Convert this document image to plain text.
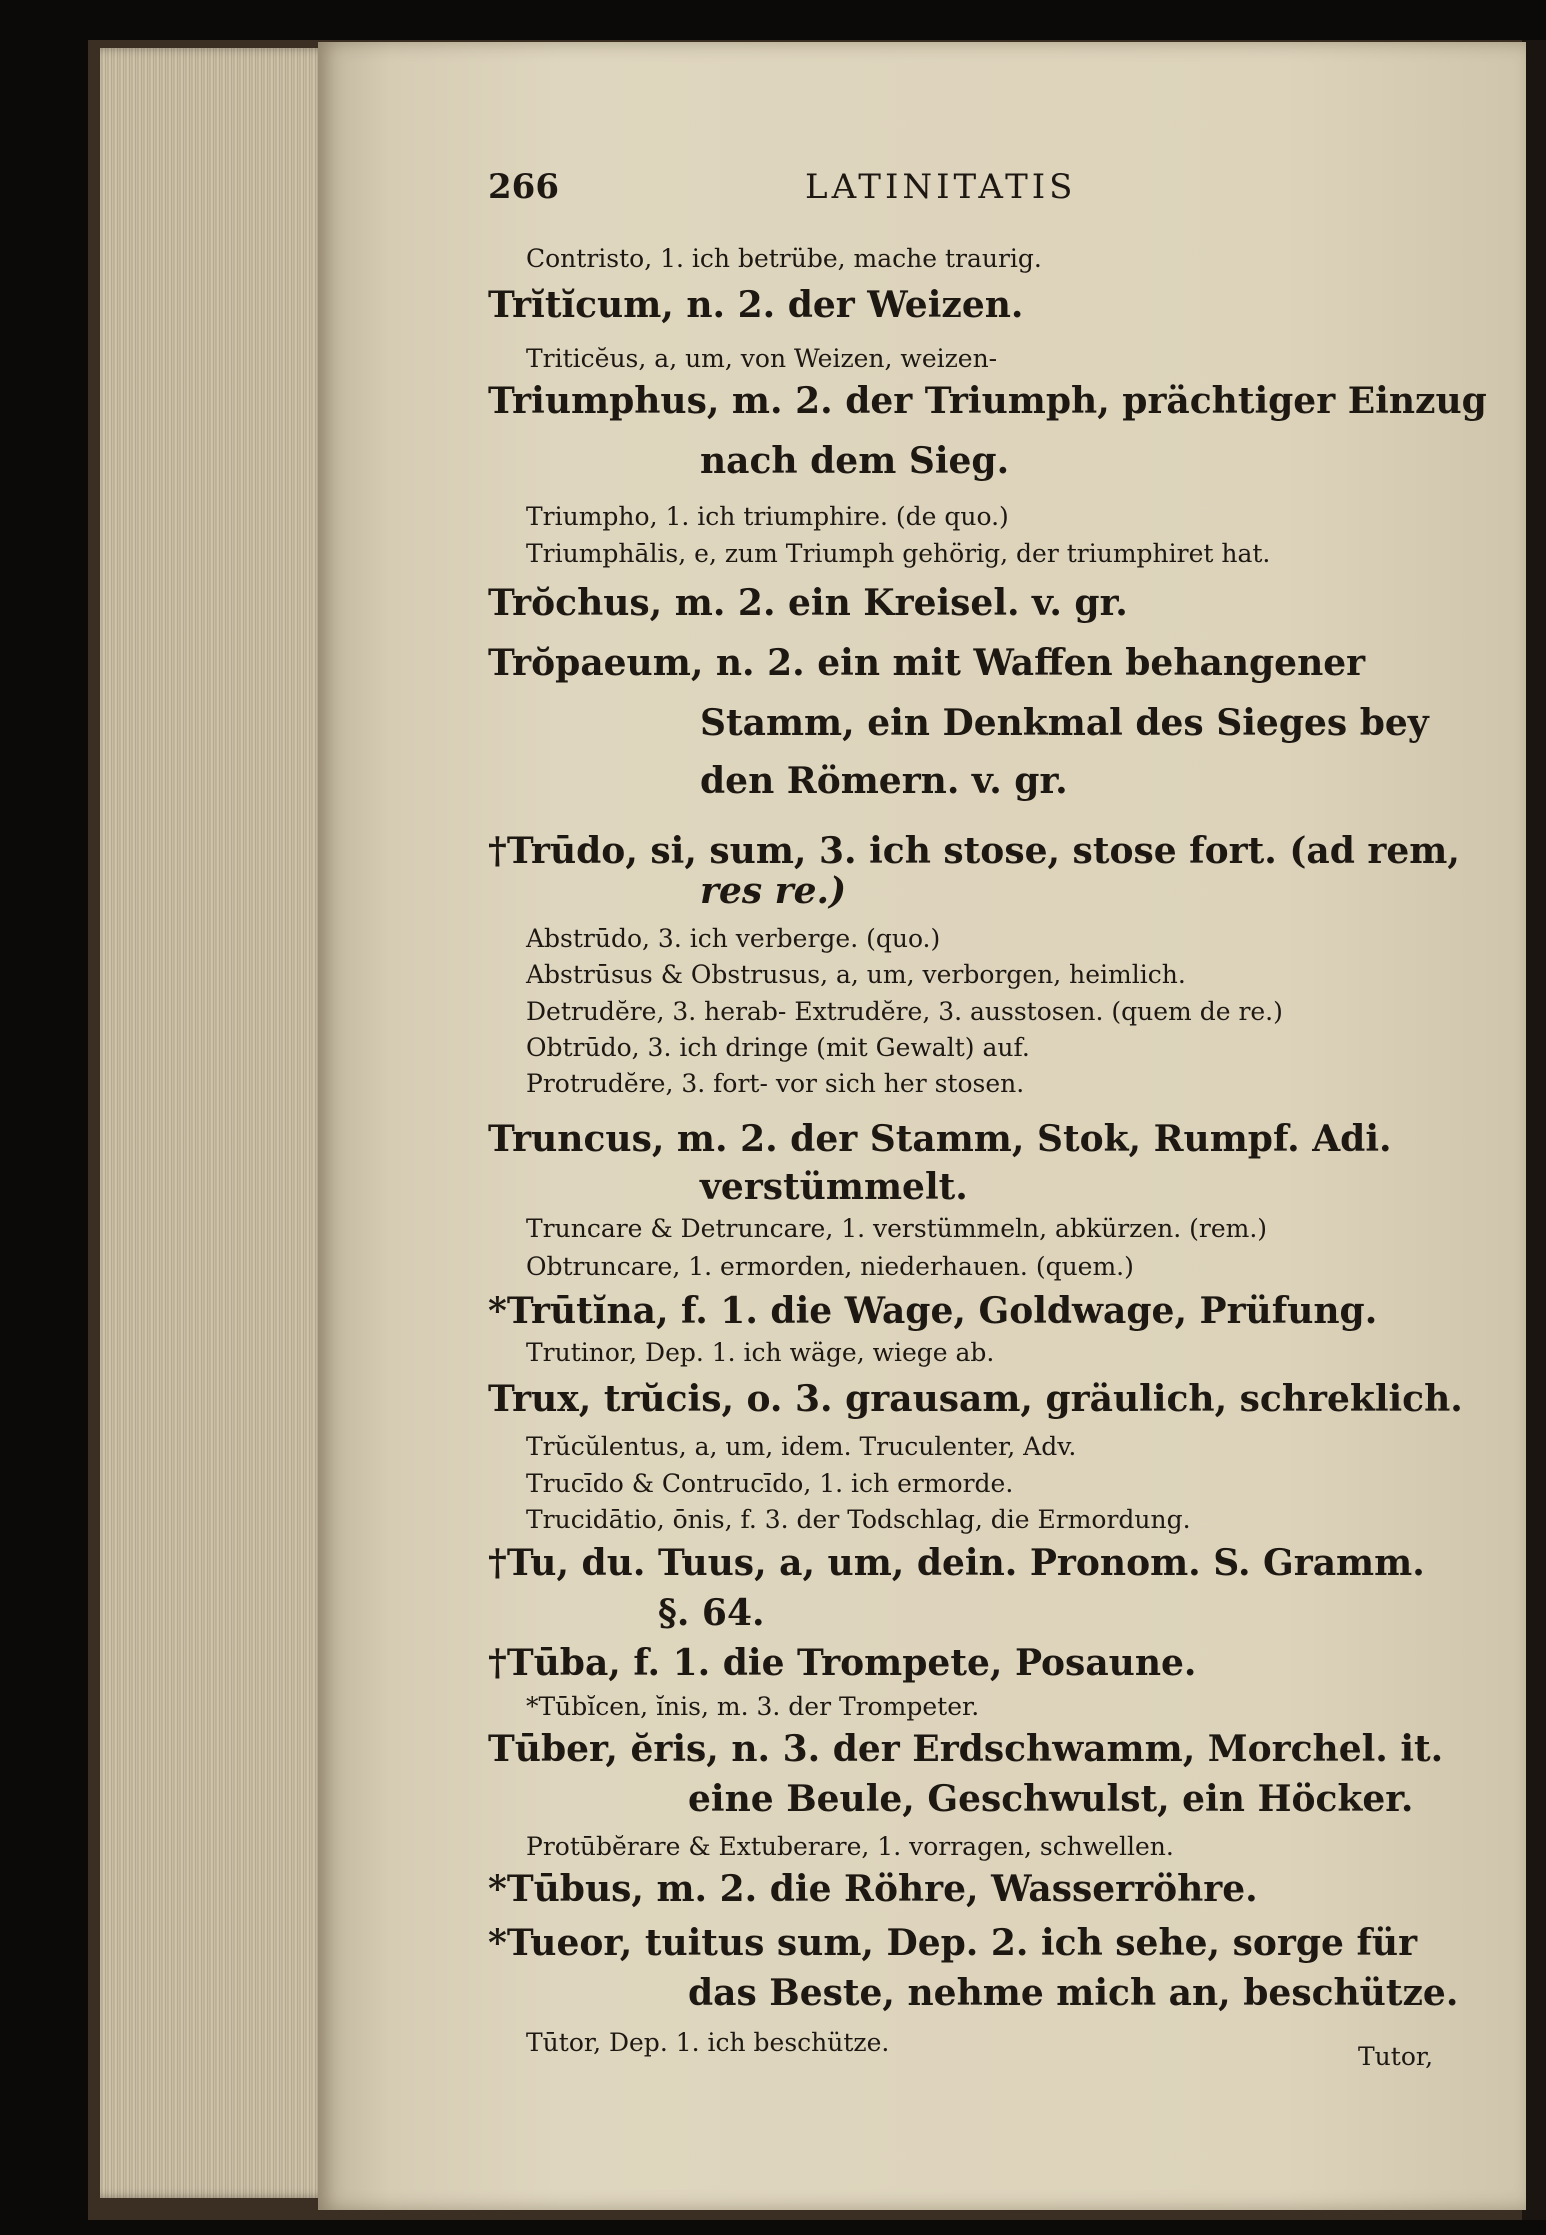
266	LATINITATIS
Contristo, 1. ich betrübe, mache traurig.
Trĭtĭcum, n. 2. der Weizen.
Triticĕus, a, um, von Weizen, weizen-
Triumphus, m. 2. der Triumph, prächtiger Einzug
nach dem Sieg.
Triumpho, 1. ich triumphire. (de quo.)
Triumphālis, e, zum Triumph gehörig, der triumphiret hat.
Trŏchus, m. 2. ein Kreisel. v. gr.
Trŏpaeum, n. 2. ein mit Waffen behangener
Stamm, ein Denkmal des Sieges bey
den Römern. v. gr.
†Trūdo, si, sum, 3. ich stose, stose fort. (ad rem,
res re.)
Abstrūdo, 3. ich verberge. (quo.)
Abstrūsus & Obstrusus, a, um, verborgen, heimlich.
Detrudĕre, 3. herab- Extrudĕre, 3. ausstosen. (quem de re.)
Obtrūdo, 3. ich dringe (mit Gewalt) auf.
Protrudĕre, 3. fort- vor sich her stosen.
Truncus, m. 2. der Stamm, Stok, Rumpf. Adi.
verstümmelt.
Truncare & Detruncare, 1. verstümmeln, abkürzen. (rem.)
Obtruncare, 1. ermorden, niederhauen. (quem.)
*Trūtĭna, f. 1. die Wage, Goldwage, Prüfung.
Trutinor, Dep. 1. ich wäge, wiege ab.
Trux, trŭcis, o. 3. grausam, gräulich, schreklich.
Trŭcŭlentus, a, um, idem. Truculenter, Adv.
Trucīdo & Contrucīdo, 1. ich ermorde.
Trucidātio, ōnis, f. 3. der Todschlag, die Ermordung.
†Tu, du. Tuus, a, um, dein. Pronom. S. Gramm.
§. 64.
†Tūba, f. 1. die Trompete, Posaune.
*Tūbĭcen, ĭnis, m. 3. der Trompeter.
Tūber, ĕris, n. 3. der Erdschwamm, Morchel. it.
eine Beule, Geschwulst, ein Höcker.
Protūbĕrare & Extuberare, 1. vorragen, schwellen.
*Tūbus, m. 2. die Röhre, Wasserröhre.
*Tueor, tuitus sum, Dep. 2. ich sehe, sorge für
das Beste, nehme mich an, beschütze.
Tūtor, Dep. 1. ich beschütze.	Tutor,
